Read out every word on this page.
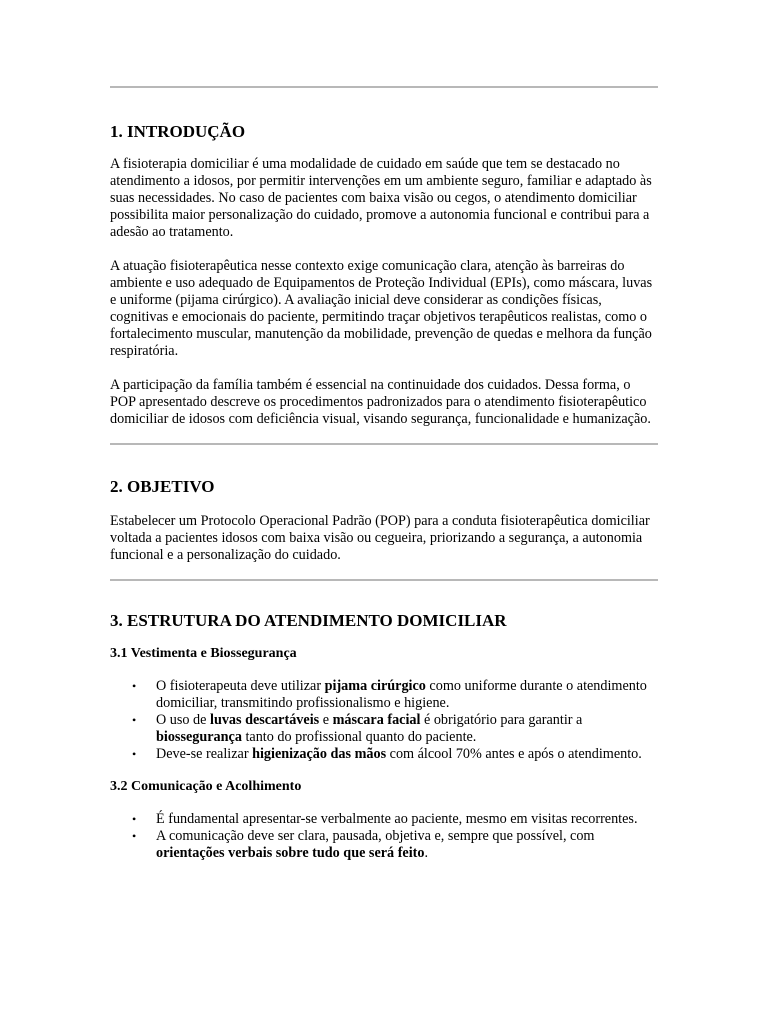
1. INTRODUÇÃO

A fisioterapia domiciliar é uma modalidade de cuidado em saúde que tem se destacado no atendimento a idosos, por permitir intervenções em um ambiente seguro, familiar e adaptado às suas necessidades. No caso de pacientes com baixa visão ou cegos, o atendimento domiciliar possibilita maior personalização do cuidado, promove a autonomia funcional e contribui para a adesão ao tratamento.

A atuação fisioterapêutica nesse contexto exige comunicação clara, atenção às barreiras do ambiente e uso adequado de Equipamentos de Proteção Individual (EPIs), como máscara, luvas e uniforme (pijama cirúrgico). A avaliação inicial deve considerar as condições físicas, cognitivas e emocionais do paciente, permitindo traçar objetivos terapêuticos realistas, como o fortalecimento muscular, manutenção da mobilidade, prevenção de quedas e melhora da função respiratória.

A participação da família também é essencial na continuidade dos cuidados. Dessa forma, o POP apresentado descreve os procedimentos padronizados para o atendimento fisioterapêutico domiciliar de idosos com deficiência visual, visando segurança, funcionalidade e humanização.

2. OBJETIVO

Estabelecer um Protocolo Operacional Padrão (POP) para a conduta fisioterapêutica domiciliar voltada a pacientes idosos com baixa visão ou cegueira, priorizando a segurança, a autonomia funcional e a personalização do cuidado.

3. ESTRUTURA DO ATENDIMENTO DOMICILIAR
3.1 Vestimenta e Biossegurança
• O fisioterapeuta deve utilizar pijama cirúrgico como uniforme durante o atendimento domiciliar, transmitindo profissionalismo e higiene.
• O uso de luvas descartáveis e máscara facial é obrigatório para garantir a biossegurança tanto do profissional quanto do paciente.
• Deve-se realizar higienização das mãos com álcool 70% antes e após o atendimento.
3.2 Comunicação e Acolhimento
• É fundamental apresentar-se verbalmente ao paciente, mesmo em visitas recorrentes.
• A comunicação deve ser clara, pausada, objetiva e, sempre que possível, com orientações verbais sobre tudo que será feito.
